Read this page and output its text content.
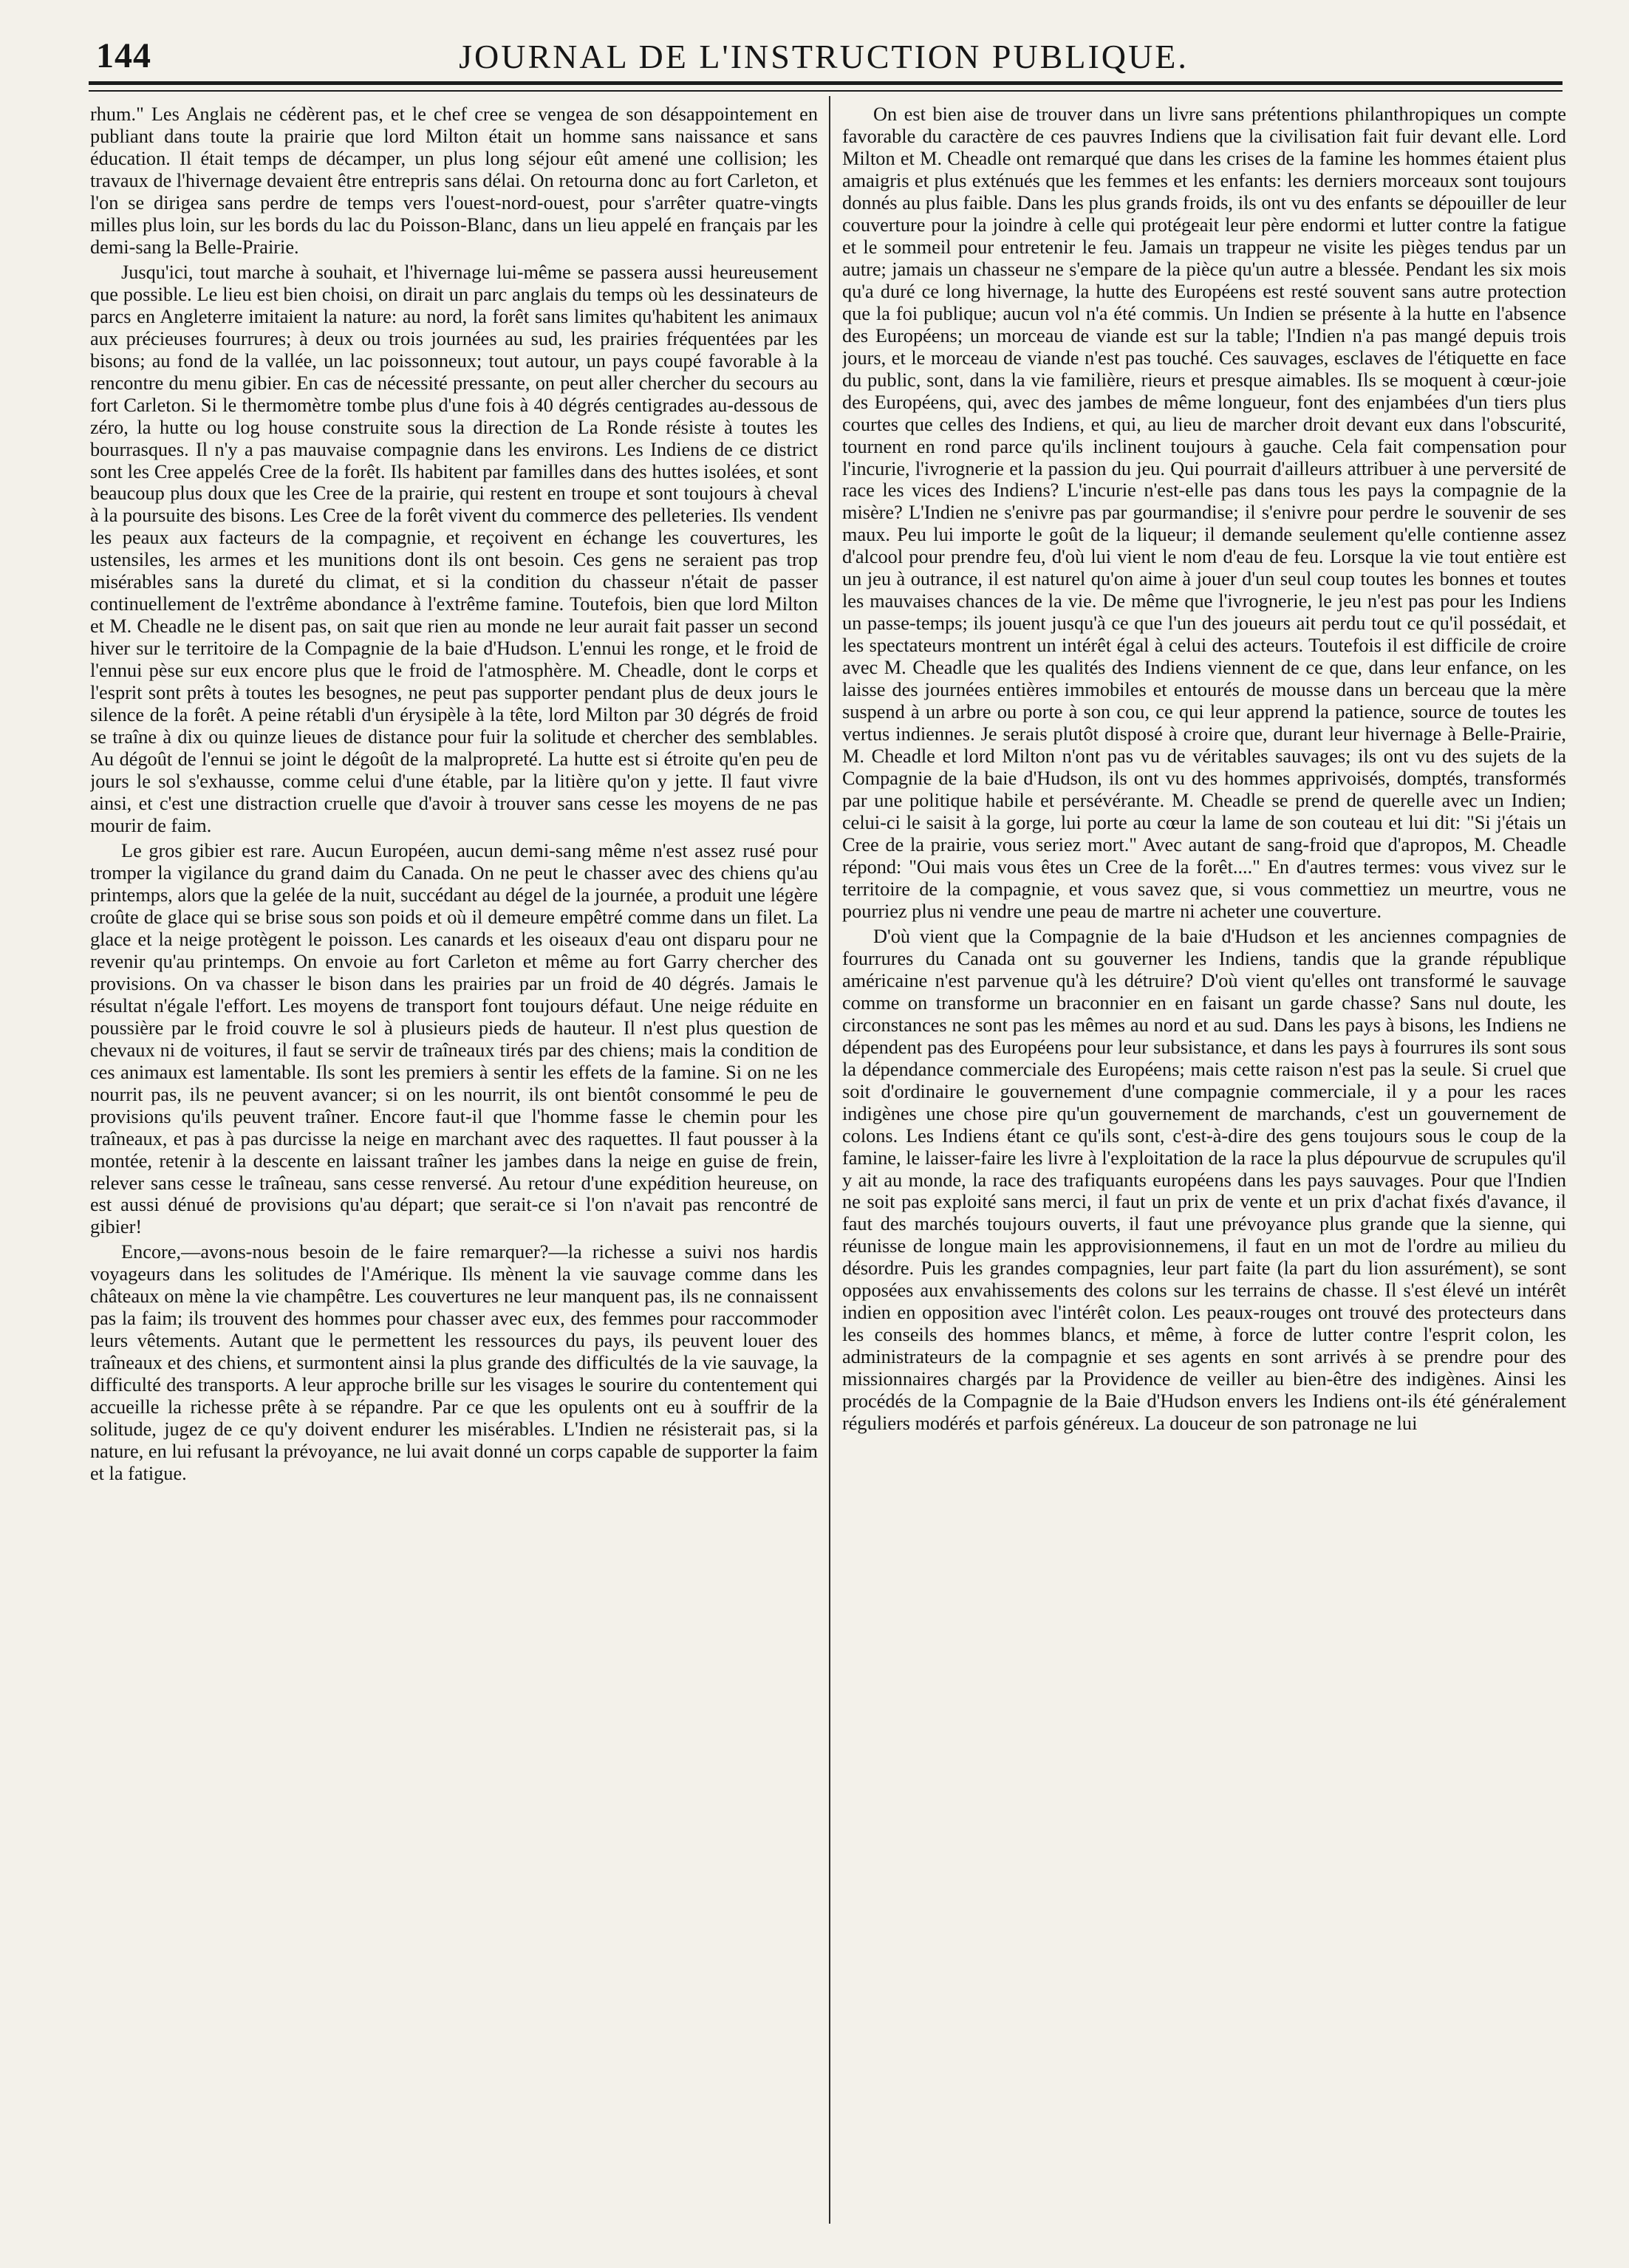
144	JOURNAL DE L'INSTRUCTION PUBLIQUE.

rhum." Les Anglais ne cédèrent pas, et le chef cree se vengea de son désappointement en publiant dans toute la prairie que lord Milton était un homme sans naissance et sans éducation. Il était temps de décamper, un plus long séjour eût amené une collision; les travaux de l'hivernage devaient être entrepris sans délai. On retourna donc au fort Carleton, et l'on se dirigea sans perdre de temps vers l'ouest-nord-ouest, pour s'arrêter quatre-vingts milles plus loin, sur les bords du lac du Poisson-Blanc, dans un lieu appelé en français par les demi-sang la Belle-Prairie.

Jusqu'ici, tout marche à souhait, et l'hivernage lui-même se passera aussi heureusement que possible. Le lieu est bien choisi, on dirait un parc anglais du temps où les dessinateurs de parcs en Angleterre imitaient la nature: au nord, la forêt sans limites qu'habitent les animaux aux précieuses fourrures; à deux ou trois journées au sud, les prairies fréquentées par les bisons; au fond de la vallée, un lac poissonneux; tout autour, un pays coupé favorable à la rencontre du menu gibier. En cas de nécessité pressante, on peut aller chercher du secours au fort Carleton. Si le thermomètre tombe plus d'une fois à 40 dégrés centigrades au-dessous de zéro, la hutte ou log house construite sous la direction de La Ronde résiste à toutes les bourrasques. Il n'y a pas mauvaise compagnie dans les environs. Les Indiens de ce district sont les Cree appelés Cree de la forêt. Ils habitent par familles dans des huttes isolées, et sont beaucoup plus doux que les Cree de la prairie, qui restent en troupe et sont toujours à cheval à la poursuite des bisons. Les Cree de la forêt vivent du commerce des pelleteries. Ils vendent les peaux aux facteurs de la compagnie, et reçoivent en échange les couvertures, les ustensiles, les armes et les munitions dont ils ont besoin. Ces gens ne seraient pas trop misérables sans la dureté du climat, et si la condition du chasseur n'était de passer continuellement de l'extrême abondance à l'extrême famine. Toutefois, bien que lord Milton et M. Cheadle ne le disent pas, on sait que rien au monde ne leur aurait fait passer un second hiver sur le territoire de la Compagnie de la baie d'Hudson. L'ennui les ronge, et le froid de l'ennui pèse sur eux encore plus que le froid de l'atmosphère. M. Cheadle, dont le corps et l'esprit sont prêts à toutes les besognes, ne peut pas supporter pendant plus de deux jours le silence de la forêt. A peine rétabli d'un érysipèle à la tête, lord Milton par 30 dégrés de froid se traîne à dix ou quinze lieues de distance pour fuir la solitude et chercher des semblables. Au dégoût de l'ennui se joint le dégoût de la malpropreté. La hutte est si étroite qu'en peu de jours le sol s'exhausse, comme celui d'une étable, par la litière qu'on y jette. Il faut vivre ainsi, et c'est une distraction cruelle que d'avoir à trouver sans cesse les moyens de ne pas mourir de faim.

Le gros gibier est rare. Aucun Européen, aucun demi-sang même n'est assez rusé pour tromper la vigilance du grand daim du Canada. On ne peut le chasser avec des chiens qu'au printemps, alors que la gelée de la nuit, succédant au dégel de la journée, a produit une légère croûte de glace qui se brise sous son poids et où il demeure empêtré comme dans un filet. La glace et la neige protègent le poisson. Les canards et les oiseaux d'eau ont disparu pour ne revenir qu'au printemps. On envoie au fort Carleton et même au fort Garry chercher des provisions. On va chasser le bison dans les prairies par un froid de 40 dégrés. Jamais le résultat n'égale l'effort. Les moyens de transport font toujours défaut. Une neige réduite en poussière par le froid couvre le sol à plusieurs pieds de hauteur. Il n'est plus question de chevaux ni de voitures, il faut se servir de traîneaux tirés par des chiens; mais la condition de ces animaux est lamentable. Ils sont les premiers à sentir les effets de la famine. Si on ne les nourrit pas, ils ne peuvent avancer; si on les nourrit, ils ont bientôt consommé le peu de provisions qu'ils peuvent traîner. Encore faut-il que l'homme fasse le chemin pour les traîneaux, et pas à pas durcisse la neige en marchant avec des raquettes. Il faut pousser à la montée, retenir à la descente en laissant traîner les jambes dans la neige en guise de frein, relever sans cesse le traîneau, sans cesse renversé. Au retour d'une expédition heureuse, on est aussi dénué de provisions qu'au départ; que serait-ce si l'on n'avait pas rencontré de gibier!

Encore,—avons-nous besoin de le faire remarquer?—la richesse a suivi nos hardis voyageurs dans les solitudes de l'Amérique. Ils mènent la vie sauvage comme dans les châteaux on mène la vie champêtre. Les couvertures ne leur manquent pas, ils ne connaissent pas la faim; ils trouvent des hommes pour chasser avec eux, des femmes pour raccommoder leurs vêtements. Autant que le permettent les ressources du pays, ils peuvent louer des traîneaux et des chiens, et surmontent ainsi la plus grande des difficultés de la vie sauvage, la difficulté des transports. A leur approche brille sur les visages le sourire du contentement qui accueille la richesse prête à se répandre. Par ce que les opulents ont eu à souffrir de la solitude, jugez de ce qu'y doivent endurer les misérables. L'Indien ne résisterait pas, si la nature, en lui refusant la prévoyance, ne lui avait donné un corps capable de supporter la faim et la fatigue.

On est bien aise de trouver dans un livre sans prétentions philanthropiques un compte favorable du caractère de ces pauvres Indiens que la civilisation fait fuir devant elle. Lord Milton et M. Cheadle ont remarqué que dans les crises de la famine les hommes étaient plus amaigris et plus exténués que les femmes et les enfants: les derniers morceaux sont toujours donnés au plus faible. Dans les plus grands froids, ils ont vu des enfants se dépouiller de leur couverture pour la joindre à celle qui protégeait leur père endormi et lutter contre la fatigue et le sommeil pour entretenir le feu. Jamais un trappeur ne visite les pièges tendus par un autre; jamais un chasseur ne s'empare de la pièce qu'un autre a blessée. Pendant les six mois qu'a duré ce long hivernage, la hutte des Européens est resté souvent sans autre protection que la foi publique; aucun vol n'a été commis. Un Indien se présente à la hutte en l'absence des Européens; un morceau de viande est sur la table; l'Indien n'a pas mangé depuis trois jours, et le morceau de viande n'est pas touché. Ces sauvages, esclaves de l'étiquette en face du public, sont, dans la vie familière, rieurs et presque aimables. Ils se moquent à cœur-joie des Européens, qui, avec des jambes de même longueur, font des enjambées d'un tiers plus courtes que celles des Indiens, et qui, au lieu de marcher droit devant eux dans l'obscurité, tournent en rond parce qu'ils inclinent toujours à gauche. Cela fait compensation pour l'incurie, l'ivrognerie et la passion du jeu. Qui pourrait d'ailleurs attribuer à une perversité de race les vices des Indiens? L'incurie n'est-elle pas dans tous les pays la compagnie de la misère? L'Indien ne s'enivre pas par gourmandise; il s'enivre pour perdre le souvenir de ses maux. Peu lui importe le goût de la liqueur; il demande seulement qu'elle contienne assez d'alcool pour prendre feu, d'où lui vient le nom d'eau de feu. Lorsque la vie tout entière est un jeu à outrance, il est naturel qu'on aime à jouer d'un seul coup toutes les bonnes et toutes les mauvaises chances de la vie. De même que l'ivrognerie, le jeu n'est pas pour les Indiens un passe-temps; ils jouent jusqu'à ce que l'un des joueurs ait perdu tout ce qu'il possédait, et les spectateurs montrent un intérêt égal à celui des acteurs. Toutefois il est difficile de croire avec M. Cheadle que les qualités des Indiens viennent de ce que, dans leur enfance, on les laisse des journées entières immobiles et entourés de mousse dans un berceau que la mère suspend à un arbre ou porte à son cou, ce qui leur apprend la patience, source de toutes les vertus indiennes. Je serais plutôt disposé à croire que, durant leur hivernage à Belle-Prairie, M. Cheadle et lord Milton n'ont pas vu de véritables sauvages; ils ont vu des sujets de la Compagnie de la baie d'Hudson, ils ont vu des hommes apprivoisés, domptés, transformés par une politique habile et persévérante. M. Cheadle se prend de querelle avec un Indien; celui-ci le saisit à la gorge, lui porte au cœur la lame de son couteau et lui dit: "Si j'étais un Cree de la prairie, vous seriez mort." Avec autant de sang-froid que d'apropos, M. Cheadle répond: "Oui mais vous êtes un Cree de la forêt...." En d'autres termes: vous vivez sur le territoire de la compagnie, et vous savez que, si vous commettiez un meurtre, vous ne pourriez plus ni vendre une peau de martre ni acheter une couverture.

D'où vient que la Compagnie de la baie d'Hudson et les anciennes compagnies de fourrures du Canada ont su gouverner les Indiens, tandis que la grande république américaine n'est parvenue qu'à les détruire? D'où vient qu'elles ont transformé le sauvage comme on transforme un braconnier en en faisant un garde chasse? Sans nul doute, les circonstances ne sont pas les mêmes au nord et au sud. Dans les pays à bisons, les Indiens ne dépendent pas des Européens pour leur subsistance, et dans les pays à fourrures ils sont sous la dépendance commerciale des Européens; mais cette raison n'est pas la seule. Si cruel que soit d'ordinaire le gouvernement d'une compagnie commerciale, il y a pour les races indigènes une chose pire qu'un gouvernement de marchands, c'est un gouvernement de colons. Les Indiens étant ce qu'ils sont, c'est-à-dire des gens toujours sous le coup de la famine, le laisser-faire les livre à l'exploitation de la race la plus dépourvue de scrupules qu'il y ait au monde, la race des trafiquants européens dans les pays sauvages. Pour que l'Indien ne soit pas exploité sans merci, il faut un prix de vente et un prix d'achat fixés d'avance, il faut des marchés toujours ouverts, il faut une prévoyance plus grande que la sienne, qui réunisse de longue main les approvisionnemens, il faut en un mot de l'ordre au milieu du désordre. Puis les grandes compagnies, leur part faite (la part du lion assurément), se sont opposées aux envahissements des colons sur les terrains de chasse. Il s'est élevé un intérêt indien en opposition avec l'intérêt colon. Les peaux-rouges ont trouvé des protecteurs dans les conseils des hommes blancs, et même, à force de lutter contre l'esprit colon, les administrateurs de la compagnie et ses agents en sont arrivés à se prendre pour des missionnaires chargés par la Providence de veiller au bien-être des indigènes. Ainsi les procédés de la Compagnie de la Baie d'Hudson envers les Indiens ont-ils été généralement réguliers modérés et parfois généreux. La douceur de son patronage ne lui
